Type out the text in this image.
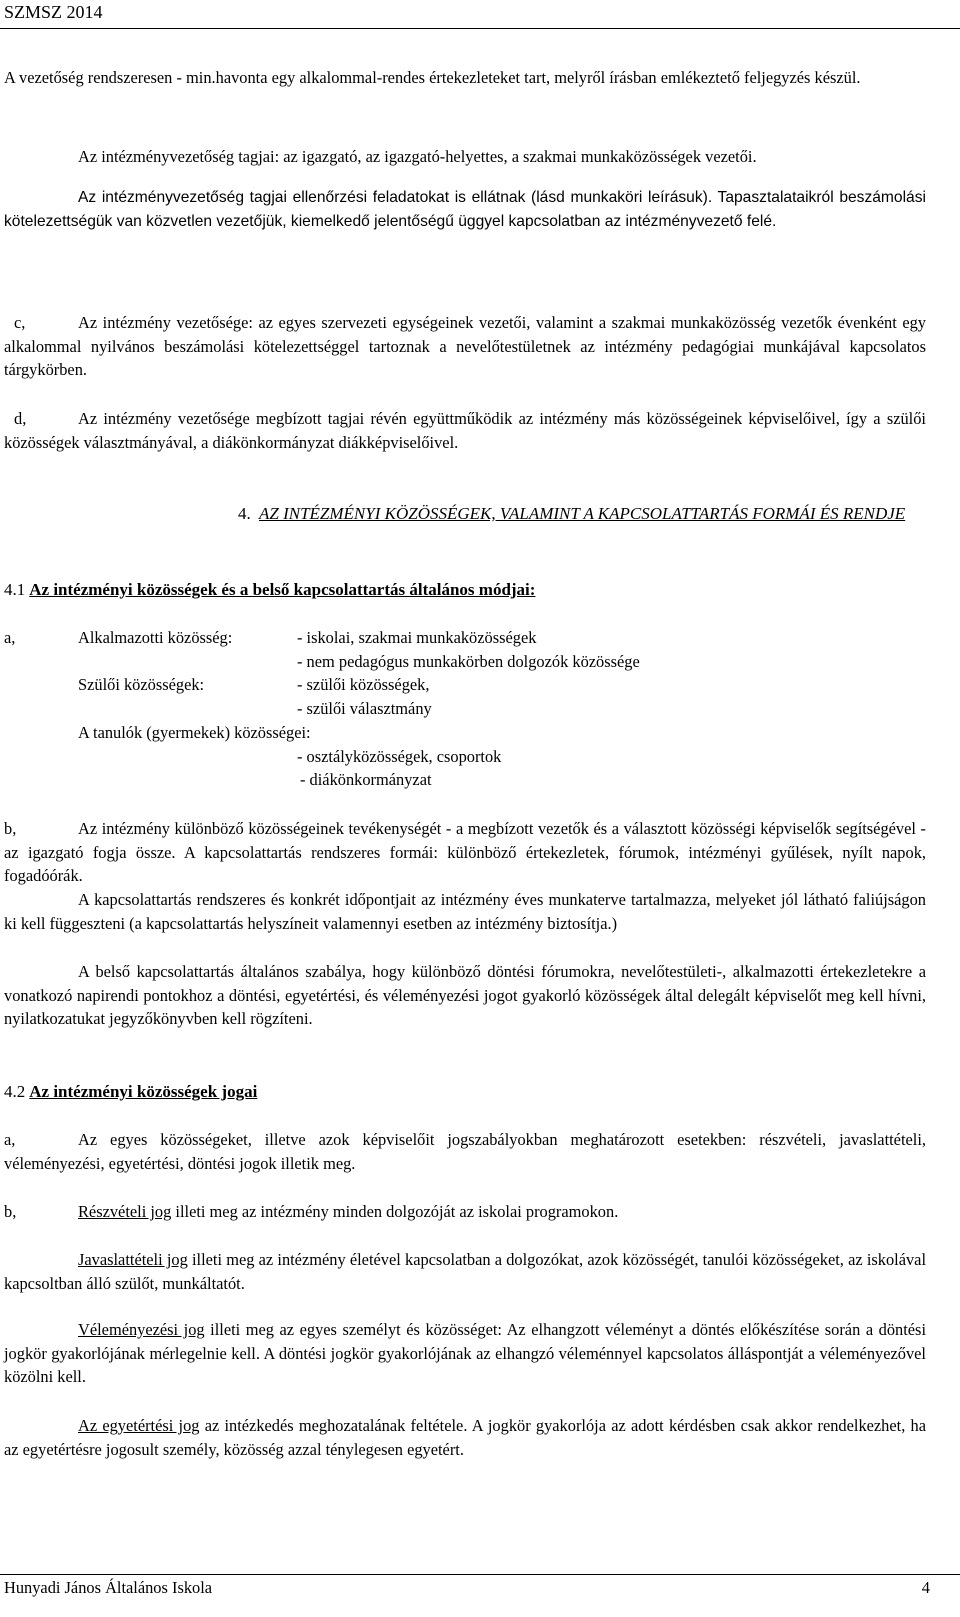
SZMSZ 2014

A vezetőség rendszeresen - min.havonta egy alkalommal-rendes értekezleteket tart, melyről írásban emlékeztető feljegyzés készül.

Az intézményvezetőség tagjai: az igazgató, az igazgató-helyettes, a szakmai munkaközösségek vezetői.

Az intézményvezetőség tagjai ellenőrzési feladatokat is ellátnak (lásd munkaköri leírásuk). Tapasztalataikról beszámolási kötelezettségük van közvetlen vezetőjük, kiemelkedő jelentőségű üggyel kapcsolatban az intézményvezető felé.

c,	Az intézmény vezetősége: az egyes szervezeti egységeinek vezetői, valamint a szakmai munkaközösség vezetők évenként egy alkalommal nyilvános beszámolási kötelezettséggel tartoznak a nevelőtestületnek az intézmény pedagógiai munkájával kapcsolatos tárgykörben.

d,	Az intézmény vezetősége megbízott tagjai révén együttműködik az intézmény más közösségeinek képviselőivel, így a szülői közösségek választmányával, a diákönkormányzat diákképviselőivel.

4. AZ INTÉZMÉNYI KÖZÖSSÉGEK, VALAMINT A KAPCSOLATTARTÁS FORMÁI ÉS RENDJE
4.1 Az intézményi közösségek és a belső kapcsolattartás általános módjai:
a,	Alkalmazotti közösség:	- iskolai, szakmai munkaközösségek
- nem pedagógus munkakörben dolgozók közössége
Szülői közösségek:	- szülői közösségek,
- szülői választmány
A tanulók (gyermekek) közösségei:
- osztályközösségek, csoportok
- diákönkormányzat
b,	Az intézmény különböző közösségeinek tevékenységét - a megbízott vezetők és a választott közösségi képviselők segítségével - az igazgató fogja össze. A kapcsolattartás rendszeres formái: különböző értekezletek, fórumok, intézményi gyűlések, nyílt napok, fogadóórák.

A kapcsolattartás rendszeres és konkrét időpontjait az intézmény éves munkaterve tartalmazza, melyeket jól látható faliújságon ki kell függeszteni (a kapcsolattartás helyszíneit valamennyi esetben az intézmény biztosítja.)

A belső kapcsolattartás általános szabálya, hogy különböző döntési fórumokra, nevelőtestületi-, alkalmazotti értekezletekre a vonatkozó napirendi pontokhoz a döntési, egyetértési, és véleményezési jogot gyakorló közösségek által delegált képviselőt meg kell hívni, nyilatkozatukat jegyzőkönyvben kell rögzíteni.

4.2 Az intézményi közösségek jogai
a,	Az egyes közösségeket, illetve azok képviselőit jogszabályokban meghatározott esetekben: részvételi, javaslattételi, véleményezési, egyetértési, döntési jogok illetik meg.

b,	Részvételi jog illeti meg az intézmény minden dolgozóját az iskolai programokon.

Javaslattételi jog illeti meg az intézmény életével kapcsolatban a dolgozókat, azok közösségét, tanulói közösségeket, az iskolával kapcsoltban álló szülőt, munkáltatót.

Véleményezési jog illeti meg az egyes személyt és közösséget: Az elhangzott véleményt a döntés előkészítése során a döntési jogkör gyakorlójának mérlegelnie kell. A döntési jogkör gyakorlójának az elhangzó véleménnyel kapcsolatos álláspontját a véleményezővel közölni kell.

Az egyetértési jog az intézkedés meghozatalának feltétele. A jogkör gyakorlója az adott kérdésben csak akkor rendelkezhet, ha az egyetértésre jogosult személy, közösség azzal ténylegesen egyetért.

Hunyadi János Általános Iskola	4
